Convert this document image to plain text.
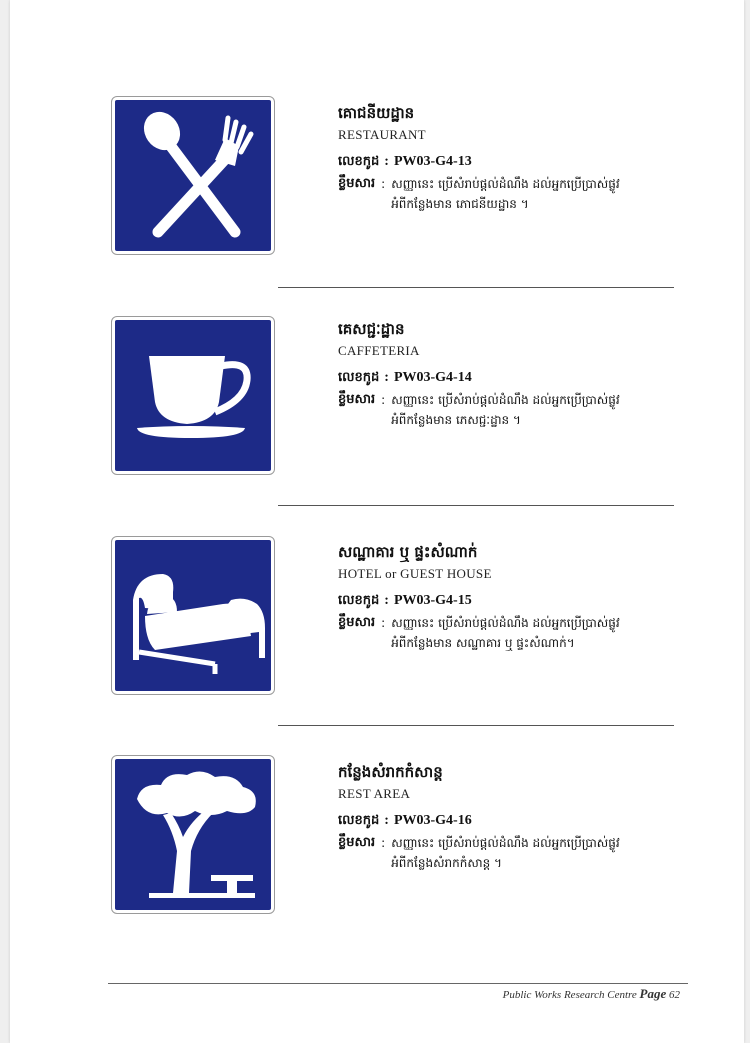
គោជនីយដ្ឋាន
RESTAURANT
លេខកូដ : PW03-G4-13
ខ្លឹមសារ : សញ្ញានេះ ប្រើសំរាប់ផ្ដល់ដំណឹង ដល់អ្នកប្រើប្រាស់ផ្លូវ
អំពីកន្លែងមាន ភោជនីយដ្ឋាន ។
គេសជ្ជៈដ្ឋាន
CAFFETERIA
លេខកូដ : PW03-G4-14
ខ្លឹមសារ : សញ្ញានេះ ប្រើសំរាប់ផ្ដល់ដំណឹង ដល់អ្នកប្រើប្រាស់ផ្លូវ
អំពីកន្លែងមាន ភេសជ្ជៈដ្ឋាន ។
សណ្ឋាគារ ឬ ផ្ទះសំណាក់
HOTEL or GUEST HOUSE
លេខកូដ : PW03-G4-15
ខ្លឹមសារ : សញ្ញានេះ ប្រើសំរាប់ផ្ដល់ដំណឹង ដល់អ្នកប្រើប្រាស់ផ្លូវ
អំពីកន្លែងមាន សណ្ឋាគារ ឬ ផ្ទះសំណាក់។
កន្លែងសំរាកកំសាន្ត
REST AREA
លេខកូដ : PW03-G4-16
ខ្លឹមសារ : សញ្ញានេះ ប្រើសំរាប់ផ្ដល់ដំណឹង ដល់អ្នកប្រើប្រាស់ផ្លូវ
អំពីកន្លែងសំរាកកំសាន្ត ។
Public Works Research Centre Page 62
